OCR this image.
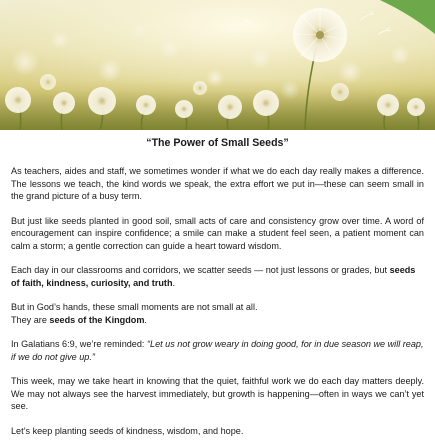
“The Power of Small Seeds”

As teachers, aides and staff, we sometimes wonder if what we do each day really makes a difference. The lessons we teach, the kind words we speak, the extra effort we put in—these can seem small in the grand picture of a busy term.

But just like seeds planted in good soil, small acts of care and consistency grow over time. A word of encouragement can inspire confidence; a smile can make a student feel seen, a patient moment can calm a storm; a gentle correction can guide a heart toward wisdom.

Each day in our classrooms and corridors, we scatter seeds — not just lessons or grades, but seeds of faith, kindness, curiosity, and truth.

But in God’s hands, these small moments are not small at all.
They are seeds of the Kingdom.

In Galatians 6:9, we’re reminded: “Let us not grow weary in doing good, for in due season we will reap, if we do not give up.”

This week, may we take heart in knowing that the quiet, faithful work we do each day matters deeply. We may not always see the harvest immediately, but growth is happening—often in ways we can’t yet see.

Let’s keep planting seeds of kindness, wisdom, and hope.
